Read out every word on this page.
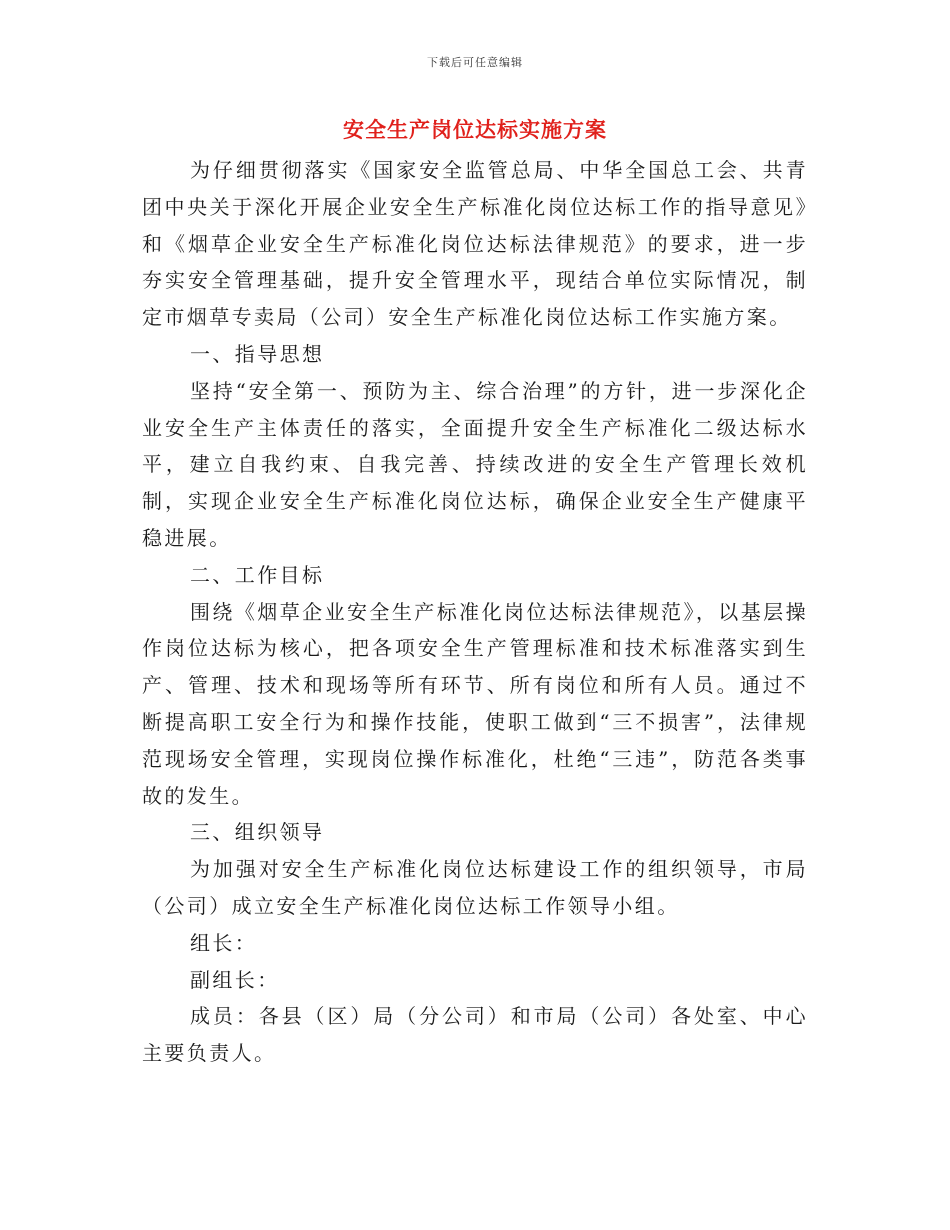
下载后可任意编辑
安全生产岗位达标实施方案

为仔细贯彻落实《国家安全监管总局、中华全国总工会、共青团中央关于深化开展企业安全生产标准化岗位达标工作的指导意见》和《烟草企业安全生产标准化岗位达标法律规范》的要求，进一步夯实安全管理基础，提升安全管理水平，现结合单位实际情况，制定市烟草专卖局（公司）安全生产标准化岗位达标工作实施方案。

一、指导思想

坚持“安全第一、预防为主、综合治理”的方针，进一步深化企业安全生产主体责任的落实，全面提升安全生产标准化二级达标水平，建立自我约束、自我完善、持续改进的安全生产管理长效机制，实现企业安全生产标准化岗位达标，确保企业安全生产健康平稳进展。

二、工作目标

围绕《烟草企业安全生产标准化岗位达标法律规范》，以基层操作岗位达标为核心，把各项安全生产管理标准和技术标准落实到生产、管理、技术和现场等所有环节、所有岗位和所有人员。通过不断提高职工安全行为和操作技能，使职工做到“三不损害”，法律规范现场安全管理，实现岗位操作标准化，杜绝“三违”，防范各类事故的发生。

三、组织领导

为加强对安全生产标准化岗位达标建设工作的组织领导，市局（公司）成立安全生产标准化岗位达标工作领导小组。

组长：

副组长：

成员：各县（区）局（分公司）和市局（公司）各处室、中心主要负责人。
